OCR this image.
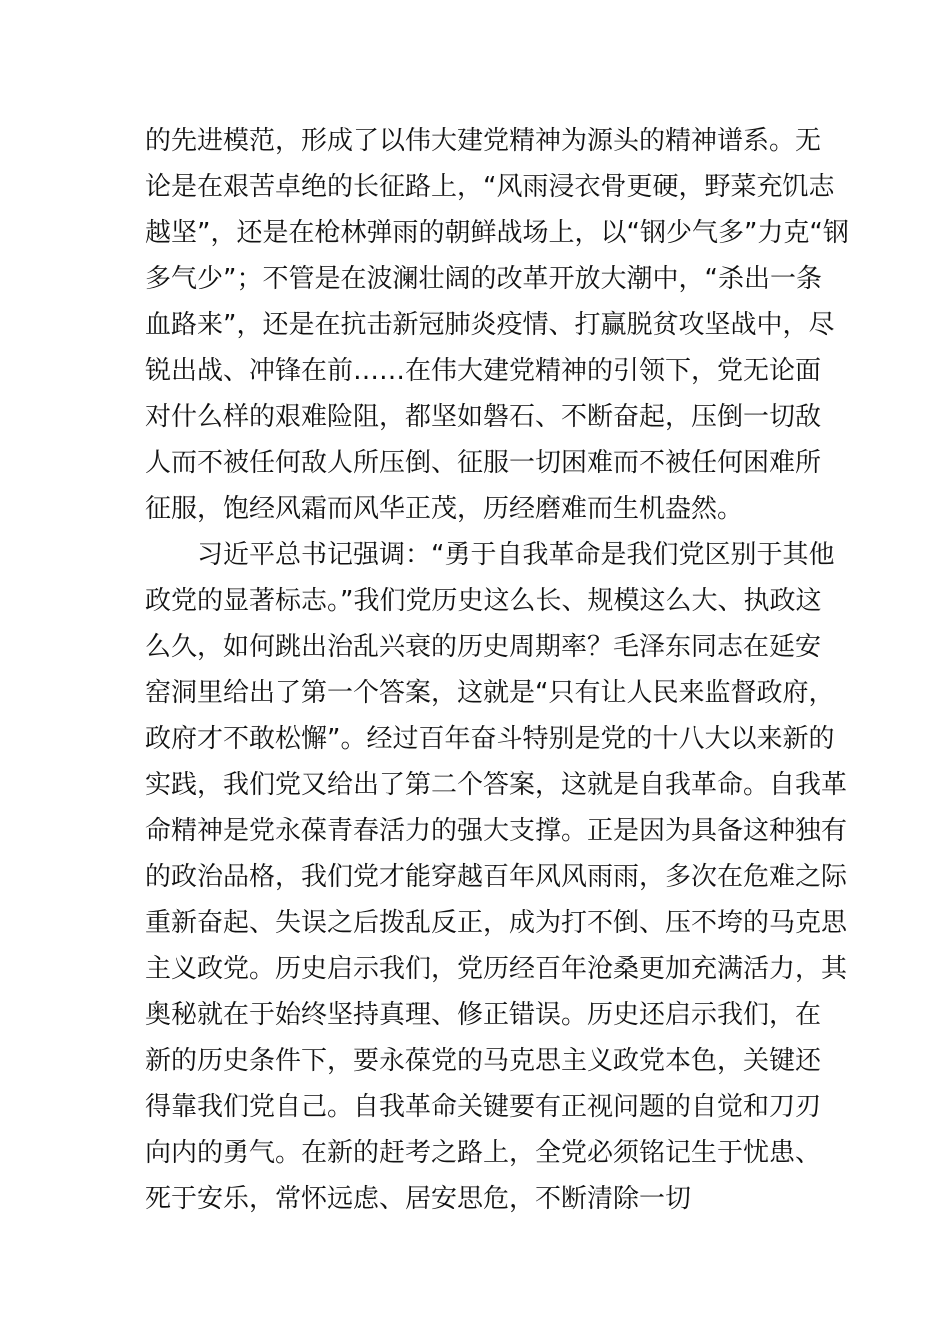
的先进模范，形成了以伟大建党精神为源头的精神谱系。无
论是在艰苦卓绝的长征路上，“风雨浸衣骨更硬，野菜充饥志
越坚”，还是在枪林弹雨的朝鲜战场上，以“钢少气多”力克“钢
多气少”；不管是在波澜壮阔的改革开放大潮中，“杀出一条
血路来”，还是在抗击新冠肺炎疫情、打赢脱贫攻坚战中，尽
锐出战、冲锋在前……在伟大建党精神的引领下，党无论面
对什么样的艰难险阻，都坚如磐石、不断奋起，压倒一切敌
人而不被任何敌人所压倒、征服一切困难而不被任何困难所
征服，饱经风霜而风华正茂，历经磨难而生机盎然。
习近平总书记强调：“勇于自我革命是我们党区别于其他
政党的显著标志。”我们党历史这么长、规模这么大、执政这
么久，如何跳出治乱兴衰的历史周期率？毛泽东同志在延安
窑洞里给出了第一个答案，这就是“只有让人民来监督政府，
政府才不敢松懈”。经过百年奋斗特别是党的十八大以来新的
实践，我们党又给出了第二个答案，这就是自我革命。自我革
命精神是党永葆青春活力的强大支撑。正是因为具备这种独有
的政治品格，我们党才能穿越百年风风雨雨，多次在危难之际
重新奋起、失误之后拨乱反正，成为打不倒、压不垮的马克思
主义政党。历史启示我们，党历经百年沧桑更加充满活力，其
奥秘就在于始终坚持真理、修正错误。历史还启示我们，在
新的历史条件下，要永葆党的马克思主义政党本色，关键还
得靠我们党自己。自我革命关键要有正视问题的自觉和刀刃
向内的勇气。在新的赶考之路上，全党必须铭记生于忧患、
死于安乐，常怀远虑、居安思危，不断清除一切
